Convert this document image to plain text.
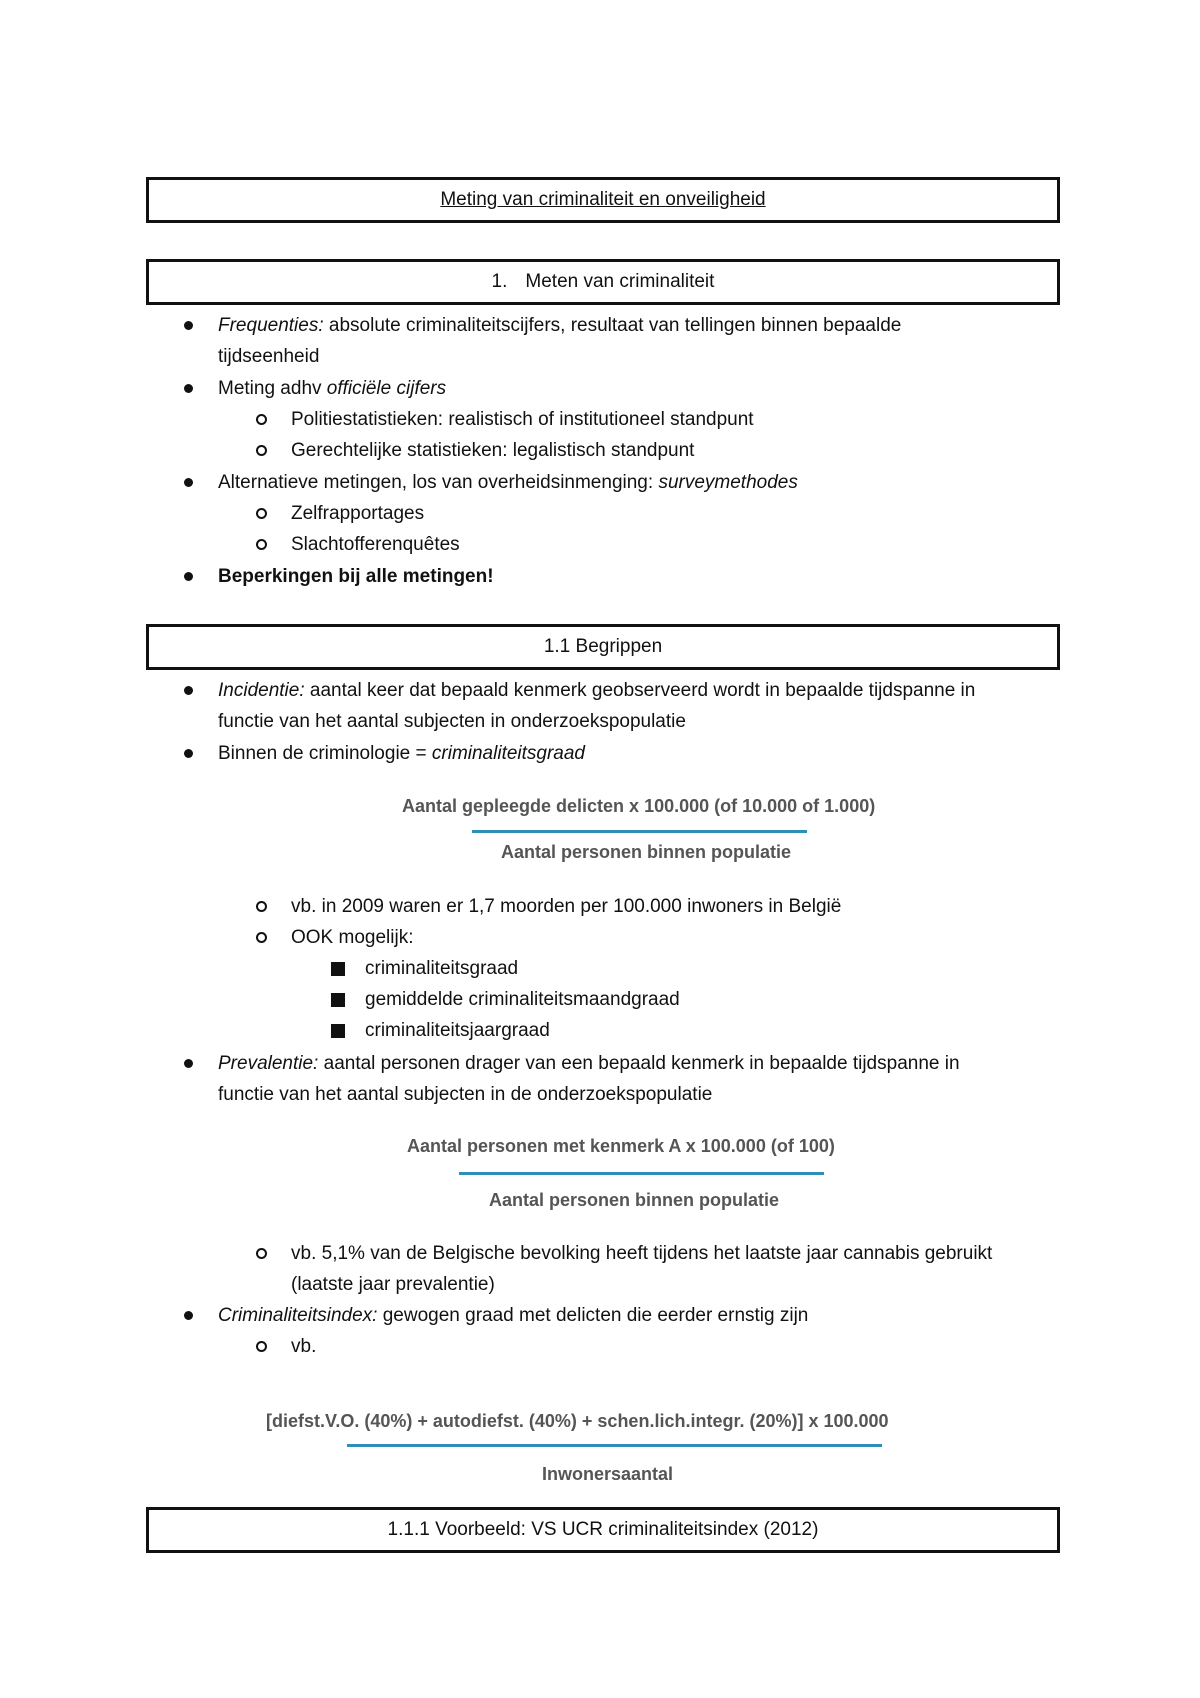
Meting van criminaliteit en onveiligheid
1. Meten van criminaliteit
Frequenties: absolute criminaliteitscijfers, resultaat van tellingen binnen bepaalde
tijdseenheid
Meting adhv officiële cijfers
Politiestatistieken: realistisch of institutioneel standpunt
Gerechtelijke statistieken: legalistisch standpunt
Alternatieve metingen, los van overheidsinmenging: surveymethodes
Zelfrapportages
Slachtofferenquêtes
Beperkingen bij alle metingen!
1.1 Begrippen
Incidentie: aantal keer dat bepaald kenmerk geobserveerd wordt in bepaalde tijdspanne in
functie van het aantal subjecten in onderzoekspopulatie
Binnen de criminologie = criminaliteitsgraad
Aantal gepleegde delicten x 100.000 (of 10.000 of 1.000)
Aantal personen binnen populatie
vb. in 2009 waren er 1,7 moorden per 100.000 inwoners in België
OOK mogelijk:
criminaliteitsgraad
gemiddelde criminaliteitsmaandgraad
criminaliteitsjaargraad
Prevalentie: aantal personen drager van een bepaald kenmerk in bepaalde tijdspanne in
functie van het aantal subjecten in de onderzoekspopulatie
Aantal personen met kenmerk A x 100.000 (of 100)
Aantal personen binnen populatie
vb. 5,1% van de Belgische bevolking heeft tijdens het laatste jaar cannabis gebruikt
(laatste jaar prevalentie)
Criminaliteitsindex: gewogen graad met delicten die eerder ernstig zijn
vb.
[diefst.V.O. (40%) + autodiefst. (40%) + schen.lich.integr. (20%)] x 100.000
Inwonersaantal
1.1.1 Voorbeeld: VS UCR criminaliteitsindex (2012)
